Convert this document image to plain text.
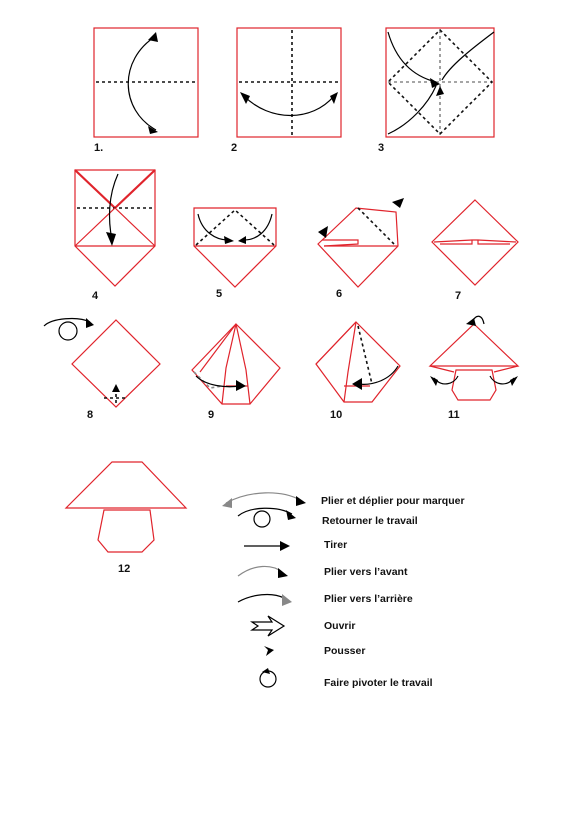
1.	2	3
4	5	6	7
8	9	10	11
12
Plier et déplier pour marquer
Retourner le travail
Tirer
Plier vers l’avant
Plier vers l’arrière
Ouvrir
Pousser
Faire pivoter le travail
